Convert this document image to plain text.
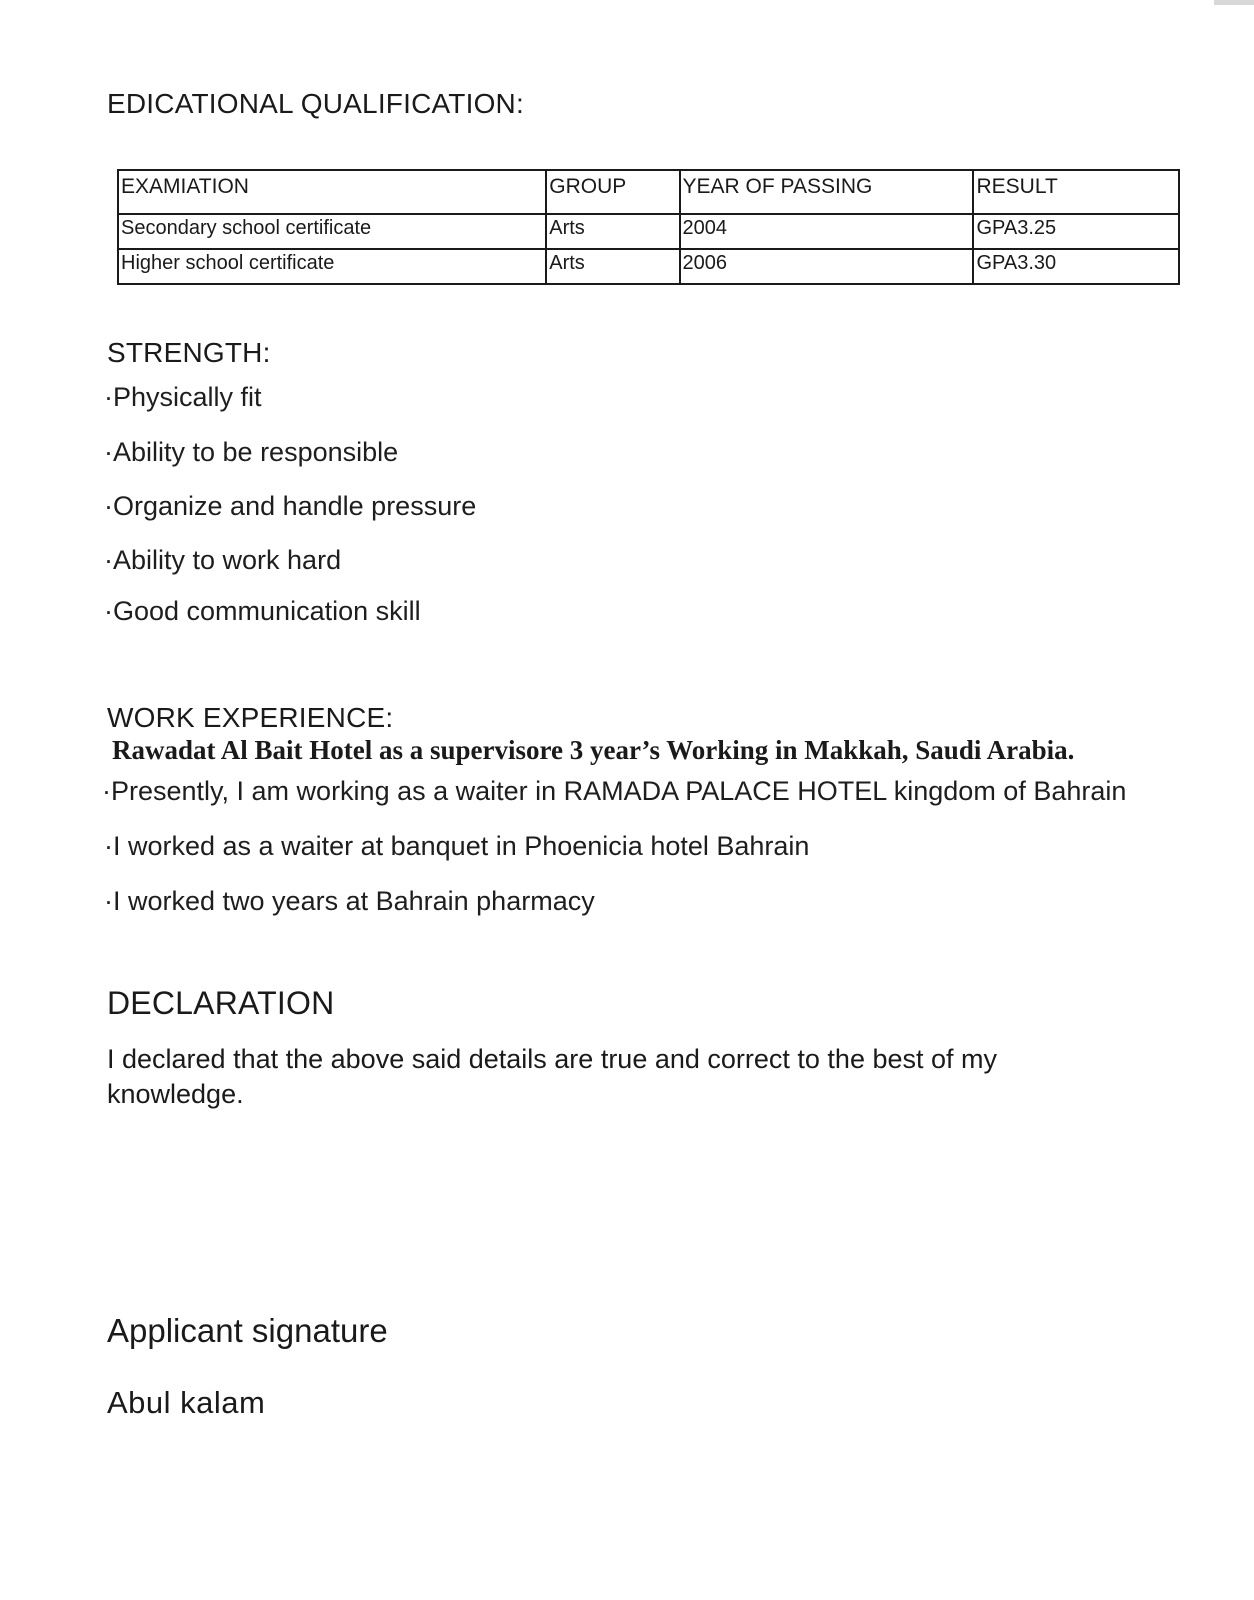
EDICATIONAL QUALIFICATION:
EXAMIATION	GROUP	YEAR OF PASSING	RESULT
Secondary school certificate	Arts	2004	GPA3.25
Higher school certificate	Arts	2006	GPA3.30
STRENGTH:

·Physically fit

·Ability to be responsible

·Organize and handle pressure

·Ability to work hard

·Good communication skill

WORK EXPERIENCE:

Rawadat Al Bait Hotel as a supervisore 3 year’s Working in Makkah, Saudi Arabia.

·Presently, I am working as a waiter in RAMADA PALACE HOTEL kingdom of Bahrain

·I worked as a waiter at banquet in Phoenicia hotel Bahrain

·I worked two years at Bahrain pharmacy

DECLARATION

I declared that the above said details are true and correct to the best of my knowledge.

Applicant signature

Abul kalam
